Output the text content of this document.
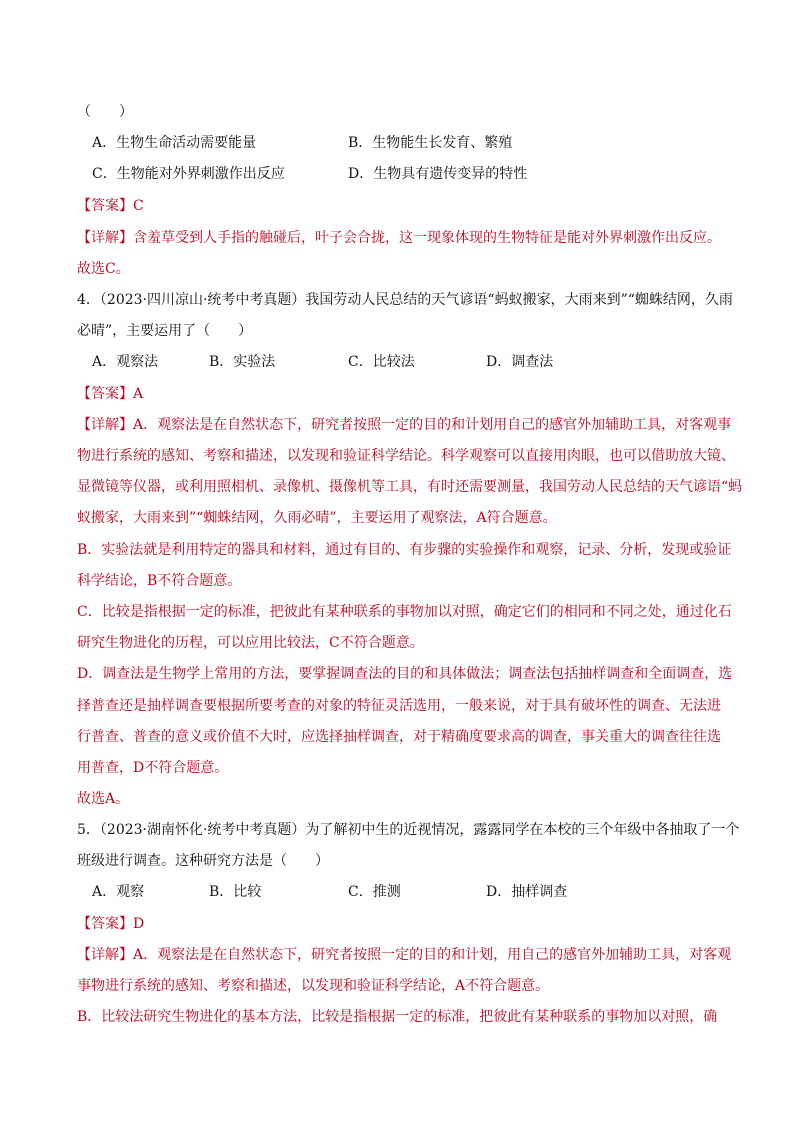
（　　）
A．生物生命活动需要能量	B．生物能生长发育、繁殖
C．生物能对外界刺激作出反应	D．生物具有遗传变异的特性
【答案】C
【详解】含羞草受到人手指的触碰后，叶子会合拢，这一现象体现的生物特征是能对外界刺激作出反应。
故选C。
4．（2023·四川凉山·统考中考真题）我国劳动人民总结的天气谚语“蚂蚁搬家，大雨来到”“蜘蛛结网，久雨
必晴”，主要运用了（　　）
A．观察法	B．实验法	C．比较法	D．调查法
【答案】A
【详解】A．观察法是在自然状态下，研究者按照一定的目的和计划用自己的感官外加辅助工具，对客观事
物进行系统的感知、考察和描述，以发现和验证科学结论。科学观察可以直接用肉眼，也可以借助放大镜、
显微镜等仪器，或利用照相机、录像机、摄像机等工具，有时还需要测量，我国劳动人民总结的天气谚语“蚂
蚁搬家，大雨来到”“蜘蛛结网，久雨必晴”，主要运用了观察法，A符合题意。
B．实验法就是利用特定的器具和材料，通过有目的、有步骤的实验操作和观察，记录、分析，发现或验证
科学结论，B不符合题意。
C．比较是指根据一定的标准，把彼此有某种联系的事物加以对照，确定它们的相同和不同之处，通过化石
研究生物进化的历程，可以应用比较法，C不符合题意。
D．调查法是生物学上常用的方法，要掌握调查法的目的和具体做法；调查法包括抽样调查和全面调查，选
择普查还是抽样调查要根据所要考查的对象的特征灵活选用，一般来说，对于具有破坏性的调查、无法进
行普查、普查的意义或价值不大时，应选择抽样调查，对于精确度要求高的调查，事关重大的调查往往选
用普查，D不符合题意。
故选A。
5．（2023·湖南怀化·统考中考真题）为了解初中生的近视情况，露露同学在本校的三个年级中各抽取了一个
班级进行调查。这种研究方法是（　　）
A．观察	B．比较	C．推测	D．抽样调查
【答案】D
【详解】A．观察法是在自然状态下，研究者按照一定的目的和计划，用自己的感官外加辅助工具，对客观
事物进行系统的感知、考察和描述，以发现和验证科学结论，A不符合题意。
B．比较法研究生物进化的基本方法，比较是指根据一定的标准，把彼此有某种联系的事物加以对照，确
